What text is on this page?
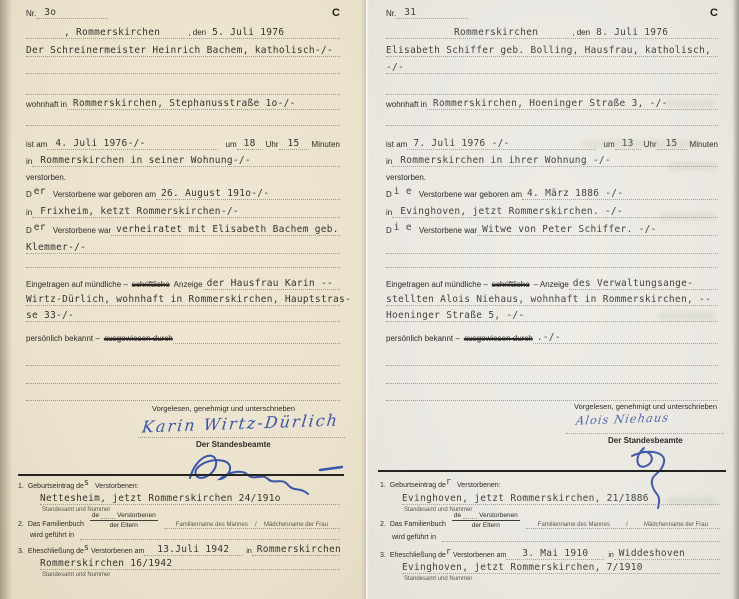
Nr. 3o	C
, Rommerskirchen	, den 5. Juli 1976
Der Schreinermeister Heinrich Bachem, katholisch-/-
wohnhaft in Rommerskirchen, Stephanusstraße 1o-/-
ist am 4. Juli 1976-/-	um 18 Uhr 15 Minuten
in Rommerskirchen in seiner Wohnung-/-
verstorben.
D er Verstorbene war geboren am 26. August 191o-/-
in Frixheim, ketzt Rommerskirchen-/-
D er Verstorbene war verheiratet mit Elisabeth Bachem geb.
Klemmer-/-
Eingetragen auf mündliche – schriftliche Anzeige der Hausfrau Karin --
Wirtz-Dürlich, wohnhaft in Rommerskirchen, Hauptstras-
se 33-/-
persönlich bekannt – ausgewiesen durch
Vorgelesen, genehmigt und unterschrieben
Karin Wirtz-Dürlich
Der Standesbeamte
1. Geburtseintrag de s Verstorbenen:
Nettesheim, jetzt Rommerskirchen 24/191o
Standesamt und Nummer
2. Das Familienbuch de	Verstorbenen
der Eltern	Familienname des Mannes / Mädchenname der Frau
wird geführt in
3. Eheschließung de s Verstorbenen am 13.Juli 1942 in Rommerskirchen
Rommerskirchen 16/1942
Standesamt und Nummer
Nr. 31	C
Rommerskirchen	, den 8. Juli 1976
Elisabeth Schiffer geb. Bolling, Hausfrau, katholisch,
-/-
wohnhaft in Rommerskirchen, Hoeninger Straße 3, -/-
ist am 7. Juli 1976 -/-	um 13 Uhr 15 Minuten
in Rommerskirchen in ihrer Wohnung -/-
verstorben.
D i e Verstorbene war geboren am 4. März 1886 -/-
in Evinghoven, jetzt Rommerskirchen. -/-
D i e Verstorbene war Witwe von Peter Schiffer. -/-
Eingetragen auf mündliche – schriftliche – Anzeige des Verwaltungsange-
stellten Alois Niehaus, wohnhaft in Rommerskirchen, --
Hoeninger Straße 5, -/-
persönlich bekannt – ausgewiesen durch .-/-
Vorgelesen, genehmigt und unterschrieben
Alois Niehaus
Der Standesbeamte
1. Geburtseintrag de r Verstorbenen:
Evinghoven, jetzt Rommerskirchen, 21/1886
Standesamt und Nummer
2. Das Familienbuch de	Verstorbenen
der Eltern	Familienname des Mannes	/	Mädchenname der Frau
wird geführt in
3. Eheschließung de r Verstorbenen am 3. Mai 1910	in Widdeshoven
Evinghoven, jetzt Rommerskirchen, 7/1910
Standesamt und Nummer
